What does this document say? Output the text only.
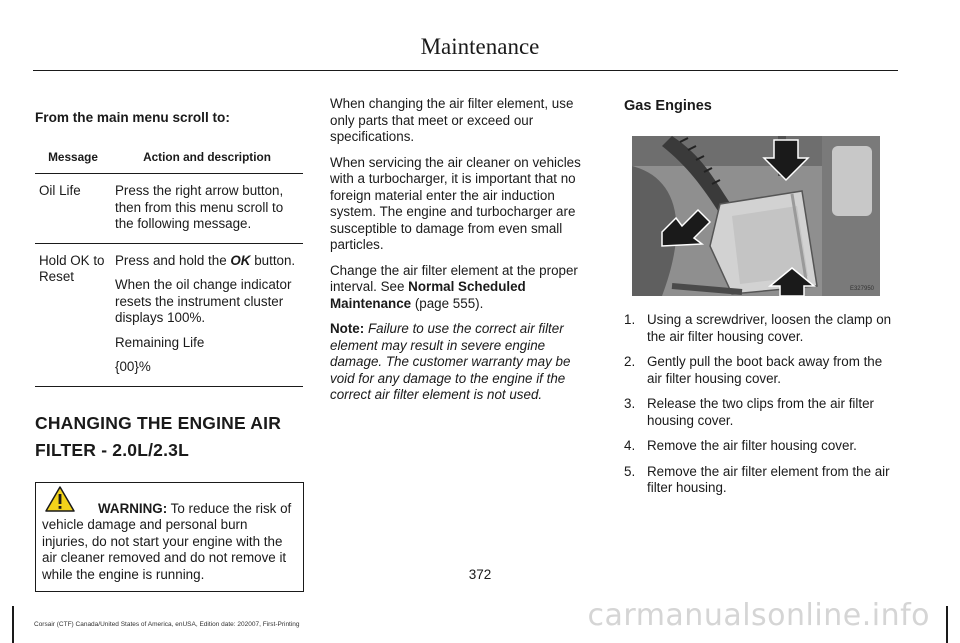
Maintenance
From the main menu scroll to:
Message	Action and description
Oil Life	Press the right arrow button, then from this menu scroll to the following message.

Hold OK to Reset	Press and hold the OK button.

When the oil change indicator resets the instrument cluster displays 100%.

Remaining Life

{00}%

CHANGING THE ENGINE AIR
FILTER - 2.0L/2.3L
WARNING: To reduce the risk of vehicle damage and personal burn injuries, do not start your engine with the air cleaner removed and do not remove it while the engine is running.

When changing the air filter element, use only parts that meet or exceed our specifications.

When servicing the air cleaner on vehicles with a turbocharger, it is important that no foreign material enter the air induction system. The engine and turbocharger are susceptible to damage from even small particles.

Change the air filter element at the proper interval. See Normal Scheduled Maintenance (page 555).

Note: Failure to use the correct air filter element may result in severe engine damage. The customer warranty may be void for any damage to the engine if the correct air filter element is not used.

Gas Engines
E327950
1. Using a screwdriver, loosen the clamp on the air filter housing cover.
2. Gently pull the boot back away from the air filter housing cover.
3. Release the two clips from the air filter housing cover.
4. Remove the air filter housing cover.
5. Remove the air filter element from the air filter housing.
372
Corsair (CTF) Canada/United States of America, enUSA, Edition date: 202007, First-Printing	carmanualsonline.info
